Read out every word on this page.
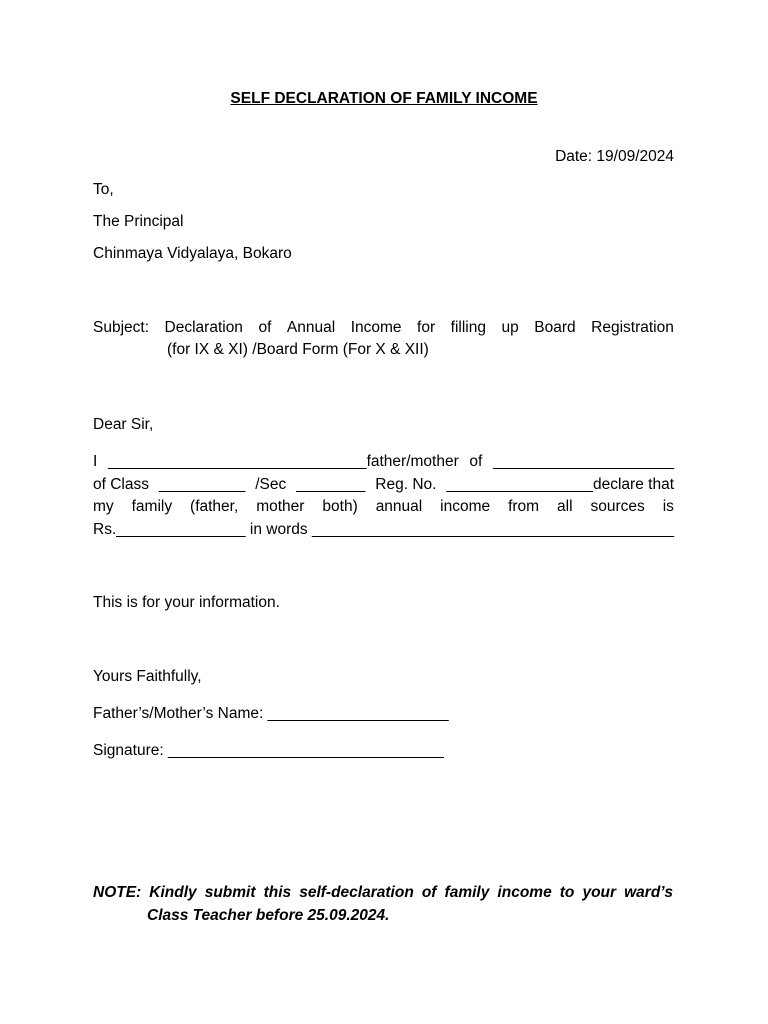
SELF DECLARATION OF FAMILY INCOME
Date: 19/09/2024
To,
The Principal
Chinmaya Vidyalaya, Bokaro
Subject: Declaration of Annual Income for filling up Board Registration
(for IX & XI) /Board Form (For X & XII)
Dear Sir,
I ______________________________father/mother of _____________________
of Class __________ /Sec ________ Reg. No. _________________declare that
my family (father, mother both) annual income from all sources is
Rs._______________ in words __________________________________________
This is for your information.
Yours Faithfully,
Father’s/Mother’s Name: _____________________
Signature: ________________________________
NOTE: Kindly submit this self-declaration of family income to your ward’s
Class Teacher before 25.09.2024.
